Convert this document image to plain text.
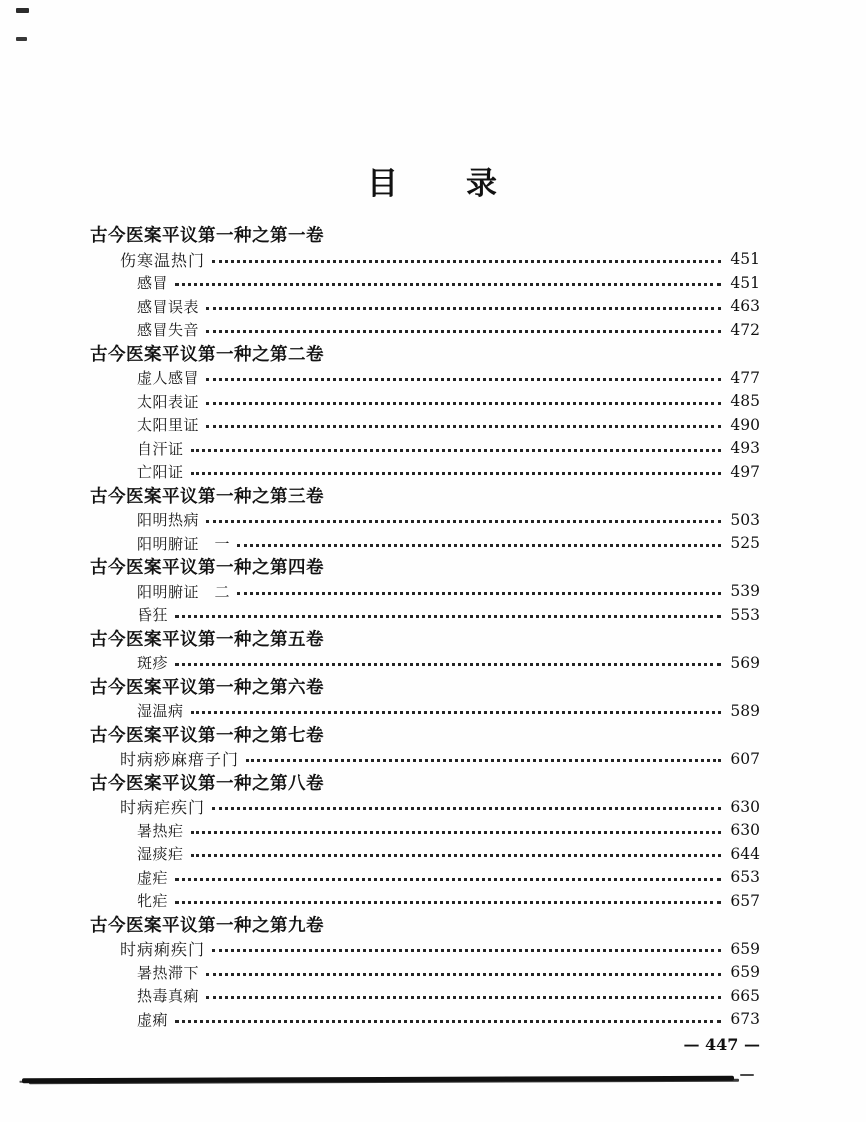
目　　录
古今医案平议第一种之第一卷
伤寒温热门	451
感冒	451
感冒误表	463
感冒失音	472
古今医案平议第一种之第二卷
虚人感冒	477
太阳表证	485
太阳里证	490
自汗证	493
亡阳证	497
古今医案平议第一种之第三卷
阳明热病	503
阳明腑证　一	525
古今医案平议第一种之第四卷
阳明腑证　二	539
昏狂	553
古今医案平议第一种之第五卷
斑疹	569
古今医案平议第一种之第六卷
湿温病	589
古今医案平议第一种之第七卷
时病痧麻瘄子门	607
古今医案平议第一种之第八卷
时病疟疾门	630
暑热疟	630
湿痰疟	644
虚疟	653
牝疟	657
古今医案平议第一种之第九卷
时病痢疾门	659
暑热滞下	659
热毒真痢	665
虚痢	673
— 447 —
